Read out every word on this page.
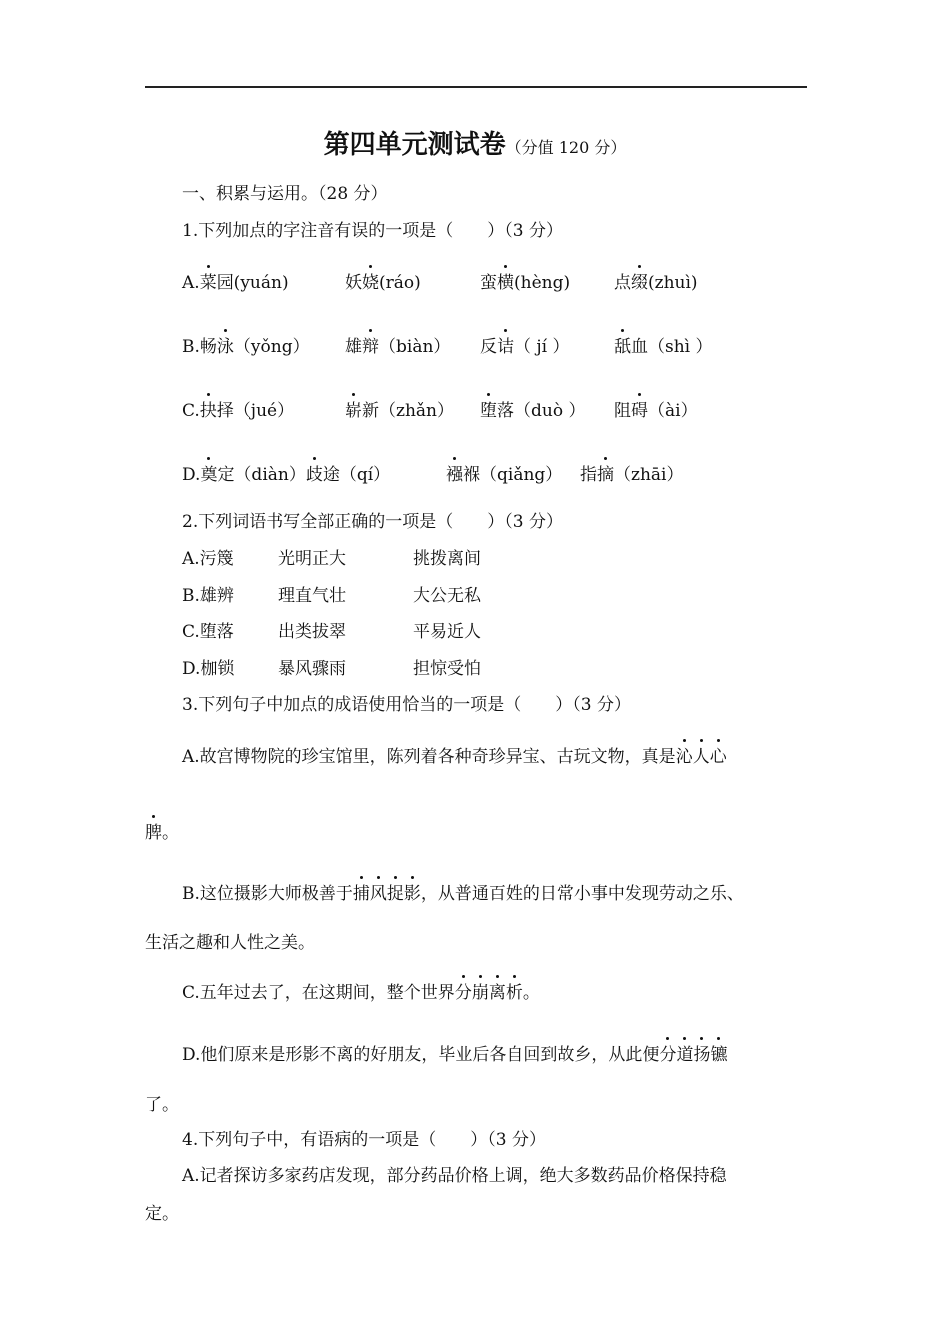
第四单元测试卷（分值 120 分）
一、积累与运用。（28 分）
1.下列加点的字注音有误的一项是（　　）（3 分）
A.菜园(yuán)	妖娆(ráo)	蛮横(hèng)	点缀(zhuì)
B.畅泳（yǒng） 雄辩（biàn） 反诘（ jí ）	舐血（shì ）
C.抉择（jué）	崭新（zhǎn） 堕落（duò ） 阻碍（ài）
D.奠定（diàn）歧途（qí）	襁褓（qiǎng） 指摘（zhāi）
2.下列词语书写全部正确的一项是（　　）（3 分）
A.污篾	光明正大	挑拨离间
B.雄辨	理直气壮	大公无私
C.堕落	出类拔翠	平易近人
D.枷锁	暴风骤雨	担惊受怕
3.下列句子中加点的成语使用恰当的一项是（　　）（3 分）
A.故宫博物院的珍宝馆里，陈列着各种奇珍异宝、古玩文物，真是沁人心
脾。
B.这位摄影大师极善于捕风捉影，从普通百姓的日常小事中发现劳动之乐、
生活之趣和人性之美。
C.五年过去了，在这期间，整个世界分崩离析。
D.他们原来是形影不离的好朋友，毕业后各自回到故乡，从此便分道扬镳
了。
4.下列句子中，有语病的一项是（　　）（3 分）
A.记者探访多家药店发现，部分药品价格上调，绝大多数药品价格保持稳
定。
